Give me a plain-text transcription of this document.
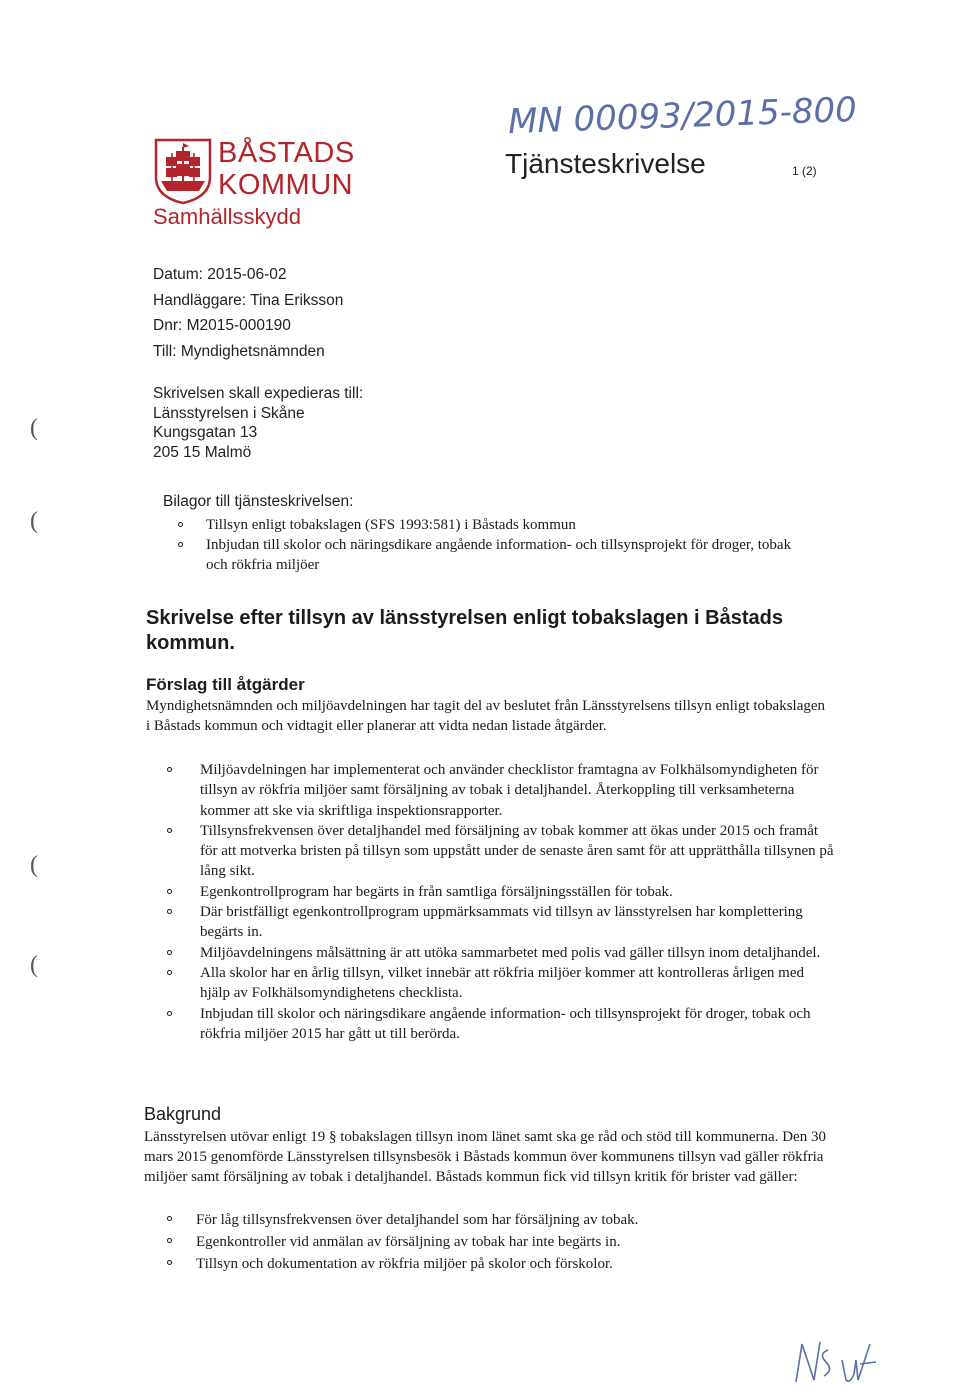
(
(
(
(
BÅSTADS
KOMMUN
Samhällsskydd
MN 00093/2015-800
Tjänsteskrivelse	1 (2)
Datum: 2015-06-02
Handläggare: Tina Eriksson
Dnr: M2015-000190
Till: Myndighetsnämnden
Skrivelsen skall expedieras till:
Länsstyrelsen i Skåne
Kungsgatan 13
205 15 Malmö
Bilagor till tjänsteskrivelsen:
Tillsyn enligt tobakslagen (SFS 1993:581) i Båstads kommun
Inbjudan till skolor och näringsdikare angående information- och tillsynsprojekt för droger, tobak och rökfria miljöer
Skrivelse efter tillsyn av länsstyrelsen enligt tobakslagen i Båstads kommun.
Förslag till åtgärder
Myndighetsnämnden och miljöavdelningen har tagit del av beslutet från Länsstyrelsens tillsyn enligt tobakslagen i Båstads kommun och vidtagit eller planerar att vidta nedan listade åtgärder.
Miljöavdelningen har implementerat och använder checklistor framtagna av Folkhälsomyndigheten för tillsyn av rökfria miljöer samt försäljning av tobak i detaljhandel. Återkoppling till verksamheterna kommer att ske via skriftliga inspektionsrapporter.
Tillsynsfrekvensen över detaljhandel med försäljning av tobak kommer att ökas under 2015 och framåt för att motverka bristen på tillsyn som uppstått under de senaste åren samt för att upprätthålla tillsynen på lång sikt.
Egenkontrollprogram har begärts in från samtliga försäljningsställen för tobak.
Där bristfälligt egenkontrollprogram uppmärksammats vid tillsyn av länsstyrelsen har komplettering begärts in.
Miljöavdelningens målsättning är att utöka sammarbetet med polis vad gäller tillsyn inom detaljhandel.
Alla skolor har en årlig tillsyn, vilket innebär att rökfria miljöer kommer att kontrolleras årligen med hjälp av Folkhälsomyndighetens checklista.
Inbjudan till skolor och näringsdikare angående information- och tillsynsprojekt för droger, tobak och rökfria miljöer 2015 har gått ut till berörda.
Bakgrund
Länsstyrelsen utövar enligt 19 § tobakslagen tillsyn inom länet samt ska ge råd och stöd till kommunerna. Den 30 mars 2015 genomförde Länsstyrelsen tillsynsbesök i Båstads kommun över kommunens tillsyn vad gäller rökfria miljöer samt försäljning av tobak i detaljhandel. Båstads kommun fick vid tillsyn kritik för brister vad gäller:
För låg tillsynsfrekvensen över detaljhandel som har försäljning av tobak.
Egenkontroller vid anmälan av försäljning av tobak har inte begärts in.
Tillsyn och dokumentation av rökfria miljöer på skolor och förskolor.
